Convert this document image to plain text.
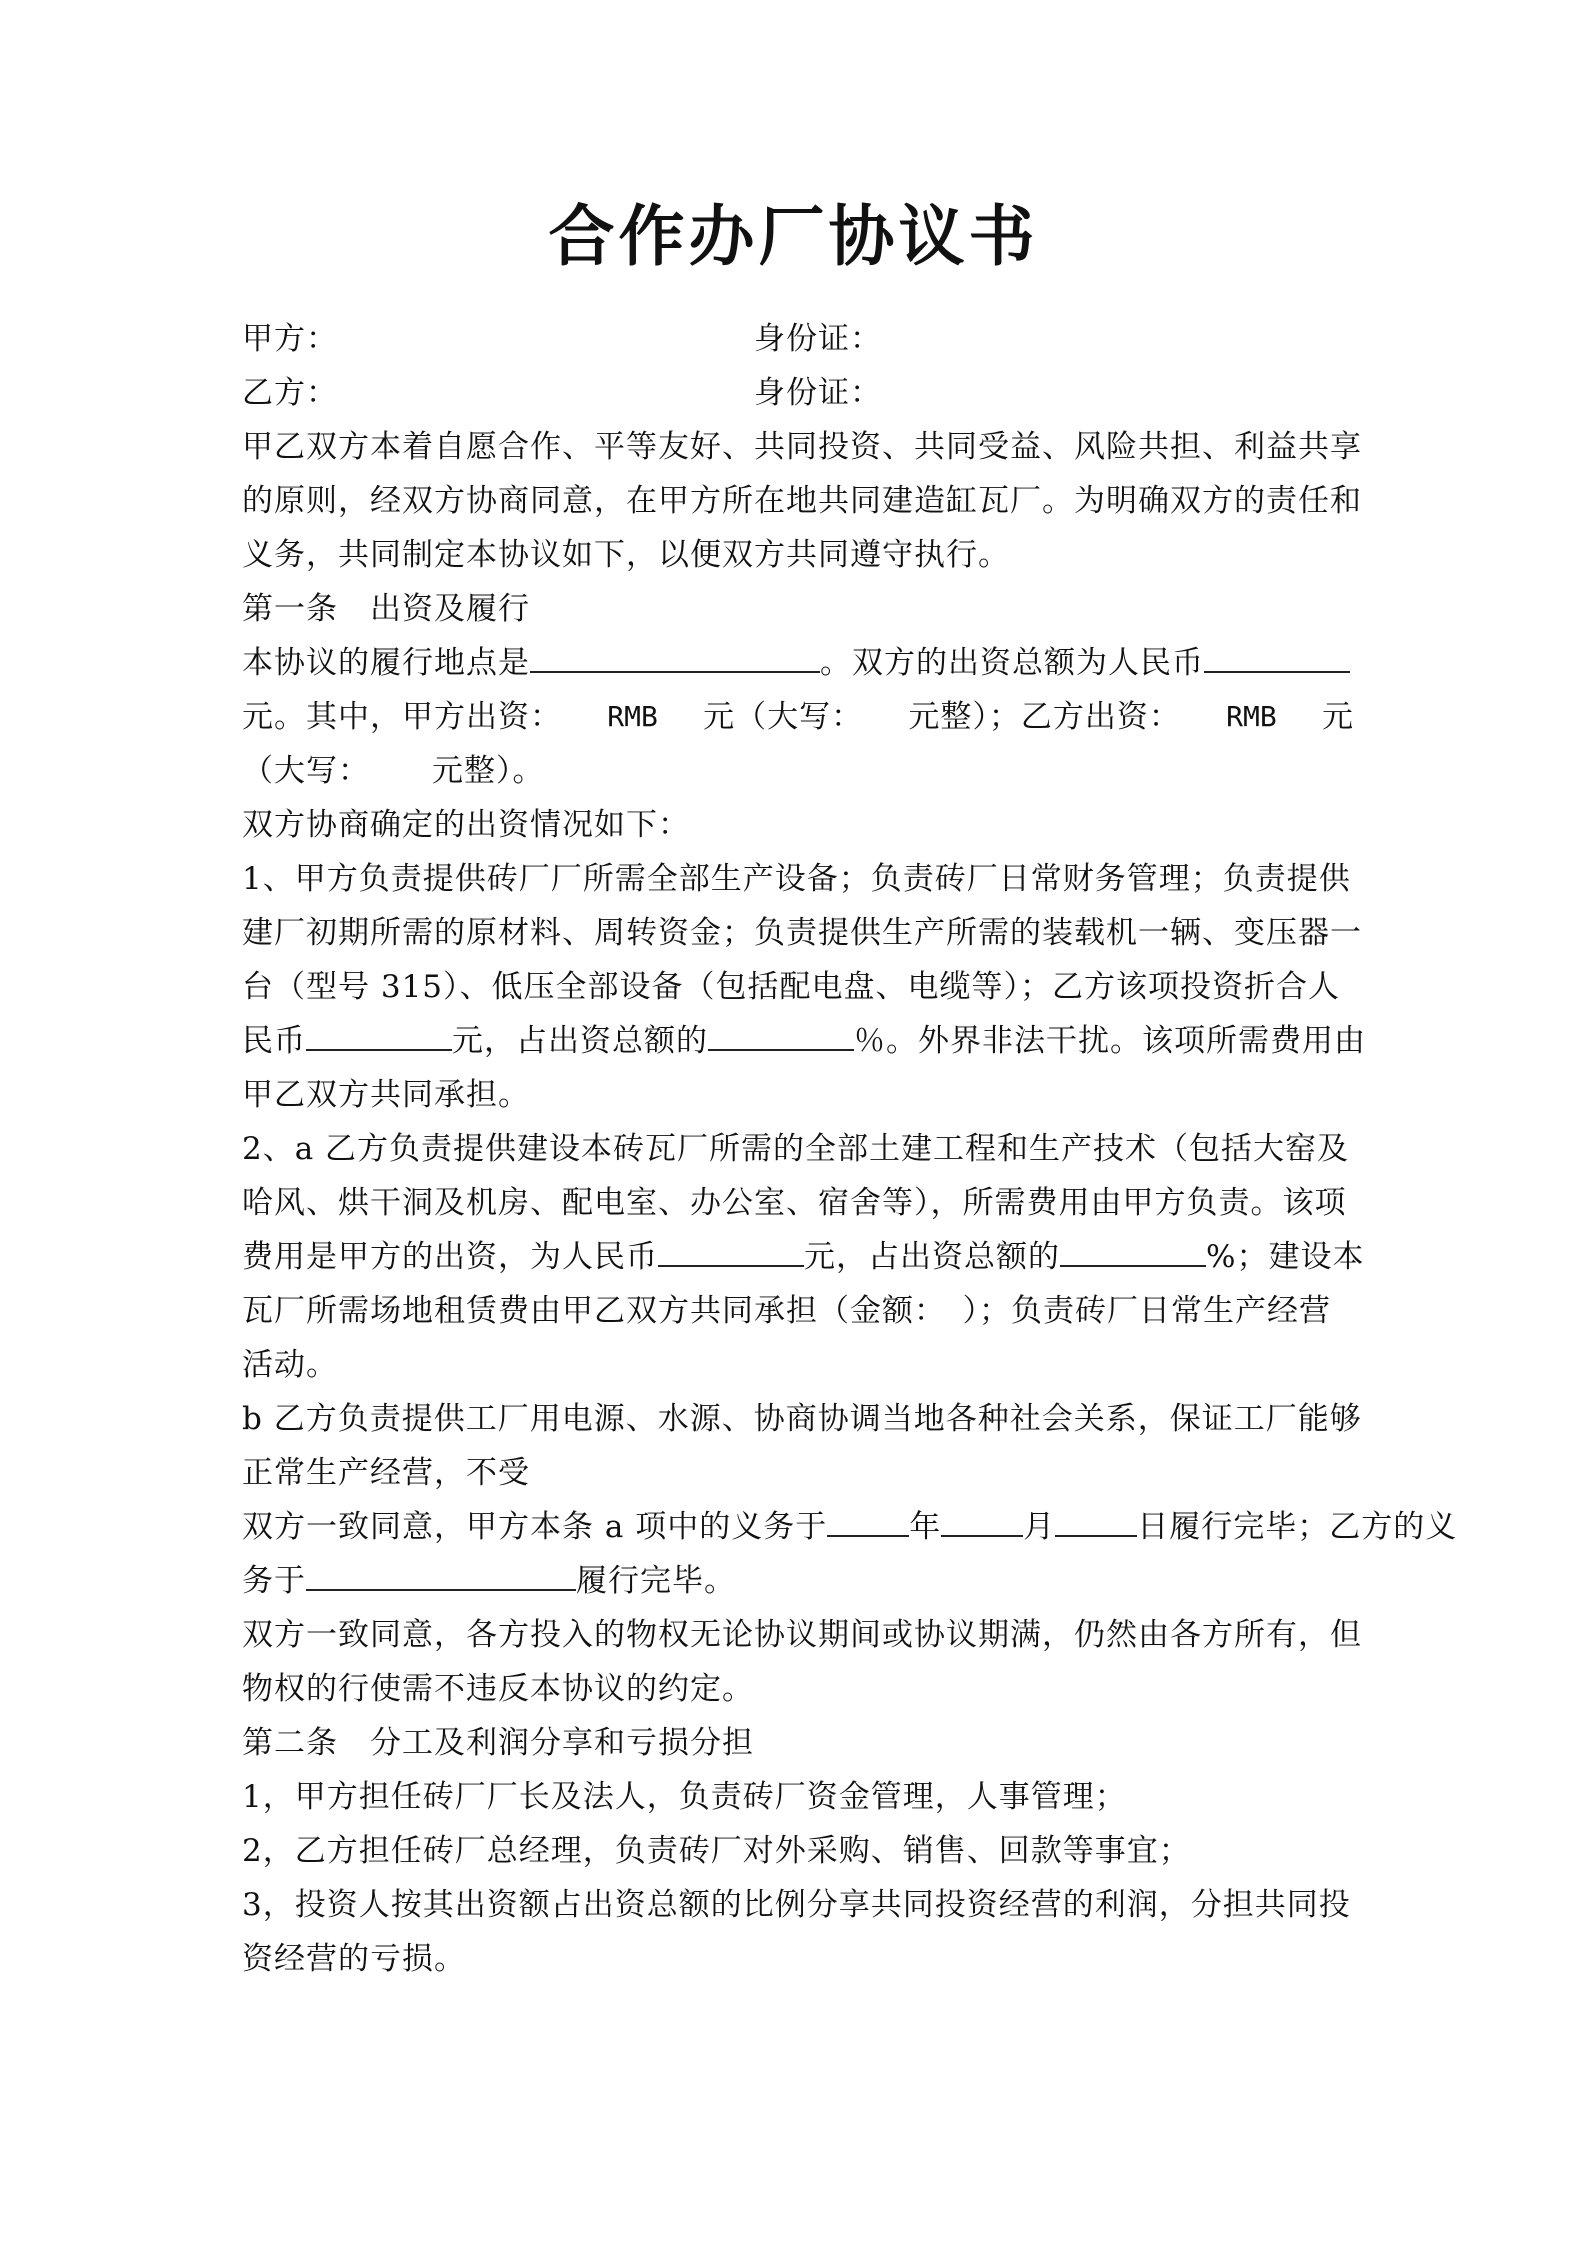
合作办厂协议书
甲方：	身份证：
乙方：	身份证：
甲乙双方本着自愿合作、平等友好、共同投资、共同受益、风险共担、利益共享
的原则，经双方协商同意，在甲方所在地共同建造缸瓦厂。为明确双方的责任和
义务，共同制定本协议如下，以便双方共同遵守执行。
第一条　出资及履行
本协议的履行地点是	。双方的出资总额为人民币
元。其中，甲方出资： RMB 元（大写： 元整）；乙方出资： RMB 元
（大写： 元整）。
双方协商确定的出资情况如下：
1、甲方负责提供砖厂厂所需全部生产设备；负责砖厂日常财务管理；负责提供
建厂初期所需的原材料、周转资金；负责提供生产所需的装载机一辆、变压器一
台（型号 315）、低压全部设备（包括配电盘、电缆等）；乙方该项投资折合人
民币	元，占出资总额的	％。外界非法干扰。该项所需费用由
甲乙双方共同承担。
2、a 乙方负责提供建设本砖瓦厂所需的全部土建工程和生产技术（包括大窑及
哈风、烘干洞及机房、配电室、办公室、宿舍等），所需费用由甲方负责。该项
费用是甲方的出资，为人民币	元，占出资总额的	%；建设本
瓦厂所需场地租赁费由甲乙双方共同承担（金额：　）；负责砖厂日常生产经营
活动。
b 乙方负责提供工厂用电源、水源、协商协调当地各种社会关系，保证工厂能够
正常生产经营，不受
双方一致同意，甲方本条 a 项中的义务于	年	月	日履行完毕；乙方的义
务于	履行完毕。
双方一致同意，各方投入的物权无论协议期间或协议期满，仍然由各方所有，但
物权的行使需不违反本协议的约定。
第二条　分工及利润分享和亏损分担
1，甲方担任砖厂厂长及法人，负责砖厂资金管理，人事管理；
2，乙方担任砖厂总经理，负责砖厂对外采购、销售、回款等事宜；
3，投资人按其出资额占出资总额的比例分享共同投资经营的利润，分担共同投
资经营的亏损。
